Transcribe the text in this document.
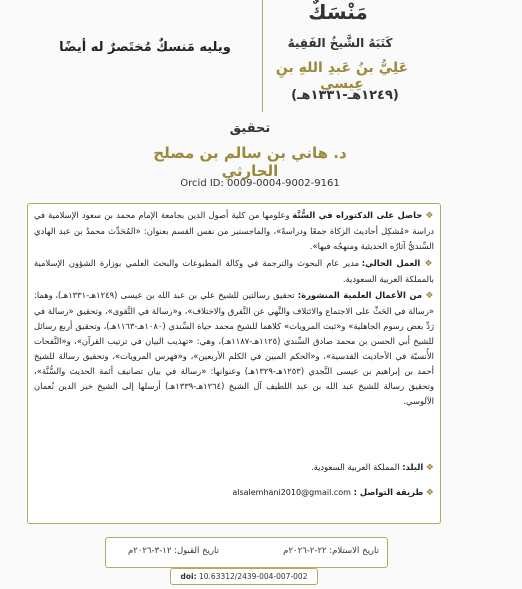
مَنْسَكٌ
كَتَبَهُ الشَّيخُ الفَقِيهُ
عَلِيُّ بنُ عَبدِ اللهِ بنِ عِيسى
(١٢٤٩هـ-١٣٣١هـ)
ويليه مَنسكٌ مُختَصرٌ له أيضًا
تحقيق
د. هاني بن سالم بن مصلح الحارثي
Orcid ID: 0009-0004-9002-9161

❖ حاصل على الدكتوراه في السُّنَّة وعلومها من كلية أصول الدين بجامعة الإمام محمد بن سعود الإسلامية في دراسة «مُشكِل أحاديث الزكاة جمعًا ودراسةً»، والماجستير من نفس القسم بعنوان: «المُحَدِّث محمدُ بن عبد الهادي السِّنديُّ آثارُه الحديثية ومنهجُه فيها».

❖ العمل الحالي: مدير عام البحوث والترجمة في وكالة المطبوعات والبحث العلمي بوزارة الشؤون الإسلامية بالمملكة العربية السعودية.

❖ من الأعمال العلمية المنشورة: تحقيق رسالتين للشيخ علي بن عبد الله بن عيسى (١٢٤٩هـ-١٣٣١هـ)، وهما: «رسالة في الحَثِّ على الاجتماع والائتلاف والنَّهي عن التَّفرق والاختلاف»، و«رسالة في التَّقوى»، وتحقيق «رسالة في رَدِّ بعض رسوم الجاهلية» و«ثبت المرويات» كلاهما للشيخ محمد حياة السِّندي (١٠٨٠هـ-١١٦٣هـ)، وتحقيق أربع رسائل للشيخ أبي الحسن بن محمد صادق السِّندي (١١٢٥هـ-١١٨٧هـ)، وهي: «تهذيب البيان في ترتيب القرآن»، و«النَّفحات الأُنسيّة في الأحاديث القدسية»، و«الحكم المبين في الكلم الأربعين»، و«فهرس المرويات»، وتحقيق رسالة للشيخ أحمد بن إبراهيم بن عيسى النَّجدي (١٢٥٣هـ-١٣٢٩هـ) وعنوانها: «رسالة في بيان تصانيف أئمة الحديث والسُّنَّة»، وتحقيق رسالة للشيخ عبد الله بن عبد اللطيف آل الشيخ (١٢٦٤هـ-١٣٣٩هـ) أرسلها إلى الشيخ خير الدين نُعمان الآلوسي.

❖ البلد: المملكة العربية السعودية.

❖ طريقة التواصل : alsalemhani2010@gmail.com

تاريخ الاستلام: ٢٢-٢-٢٠٢٦م
تاريخ القبول: ١٢-٣-٢٠٢٦م
doi: 10.63312/2439-004-007-002
